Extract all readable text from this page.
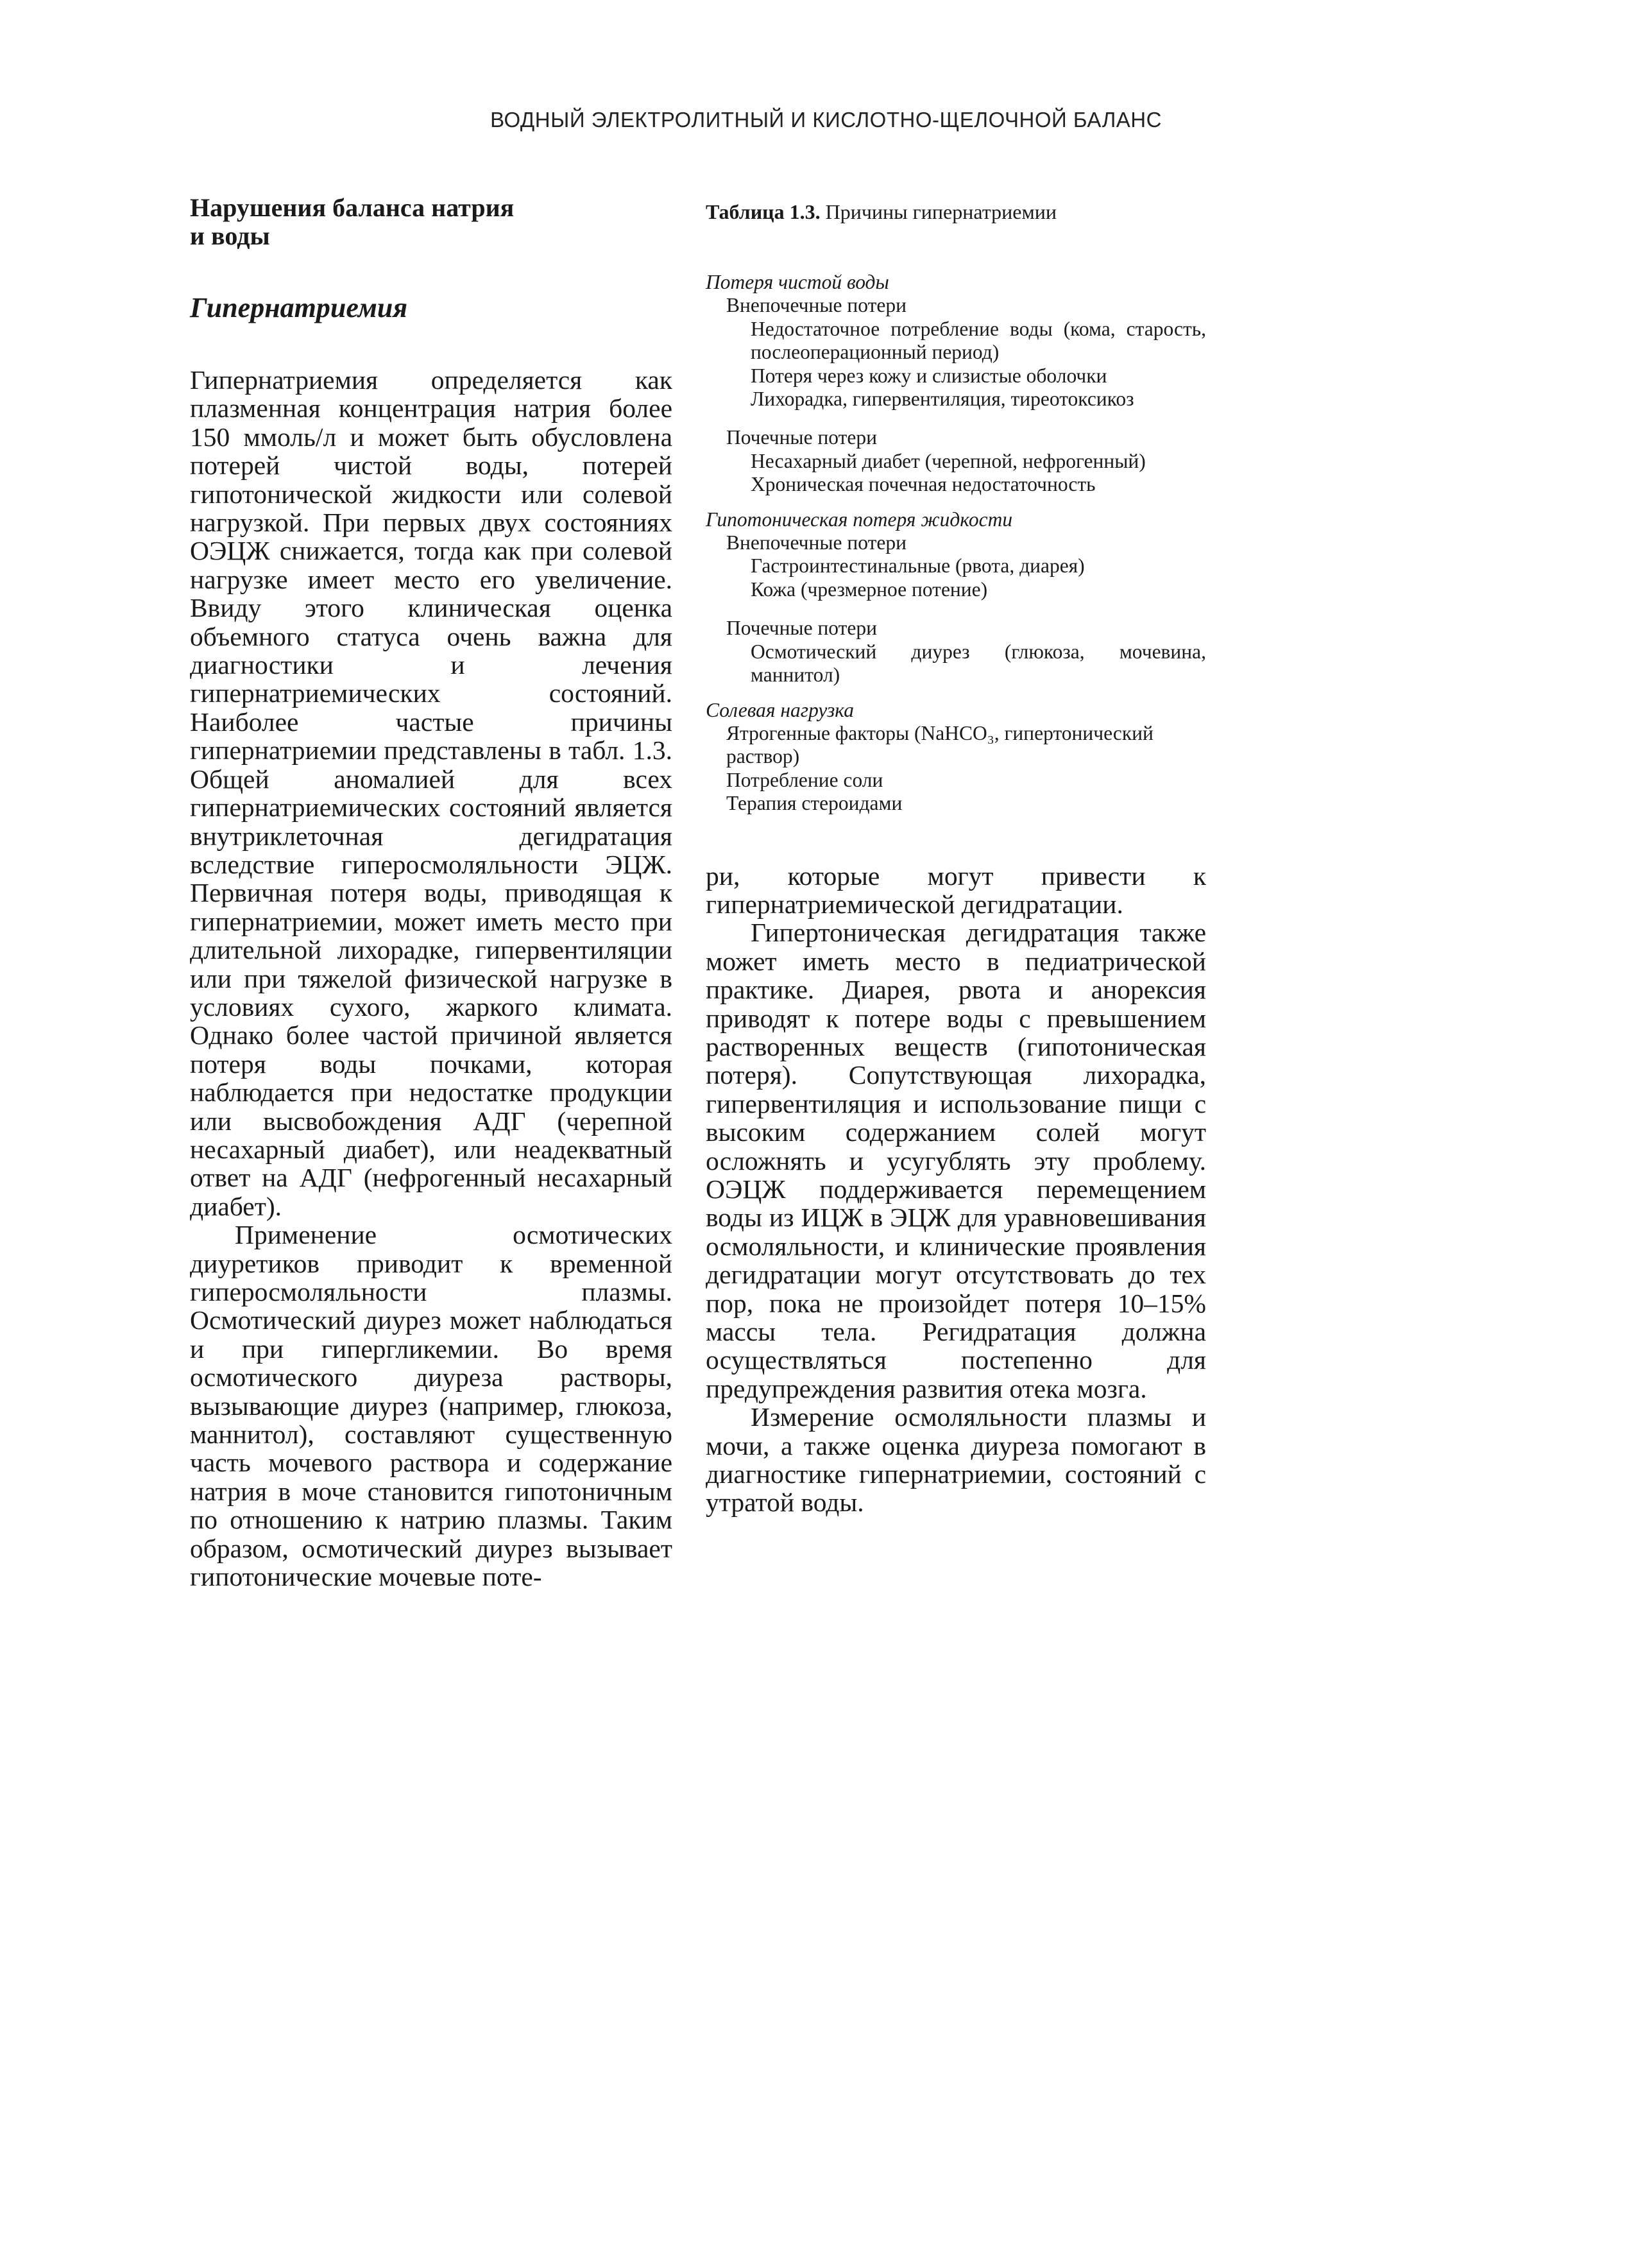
ВОДНЫЙ ЭЛЕКТРОЛИТНЫЙ И КИСЛОТНО-ЩЕЛОЧНОЙ БАЛАНС
Нарушения баланса натрия
и воды
Гипернатриемия

Гипернатриемия определяется как плазменная концентрация натрия более 150 ммоль/л и может быть обусловлена потерей чистой воды, потерей гипотонической жидкости или солевой нагрузкой. При первых двух состояниях ОЭЦЖ снижается, тогда как при солевой нагрузке имеет место его увеличение. Ввиду этого клиническая оценка объемного статуса очень важна для диагностики и лечения гипернатриемических состояний. Наиболее частые причины гипернатриемии представлены в табл. 1.3. Общей аномалией для всех гипернатриемических состояний является внутриклеточная дегидратация вследствие гиперосмоляльности ЭЦЖ. Первичная потеря воды, приводящая к гипернатриемии, может иметь место при длительной лихорадке, гипервентиляции или при тяжелой физической нагрузке в условиях сухого, жаркого климата. Однако более частой причиной является потеря воды почками, которая наблюдается при недостатке продукции или высвобождения АДГ (черепной несахарный диабет), или неадекватный ответ на АДГ (нефрогенный несахарный диабет).

Применение осмотических диуретиков приводит к временной гиперосмоляльности плазмы. Осмотический диурез может наблюдаться и при гипергликемии. Во время осмотического диуреза растворы, вызывающие диурез (например, глюкоза, маннитол), составляют существенную часть мочевого раствора и содержание натрия в моче становится гипотоничным по отношению к натрию плазмы. Таким образом, осмотический диурез вызывает гипотонические мочевые поте-

Таблица 1.3. Причины гипернатриемии

Потеря чистой воды

Внепочечные потери

Недостаточное потребление воды (кома, старость, послеоперационный период)

Потеря через кожу и слизистые оболочки

Лихорадка, гипервентиляция, тиреотоксикоз

Почечные потери

Несахарный диабет (черепной, нефрогенный)

Хроническая почечная недостаточность

Гипотоническая потеря жидкости

Внепочечные потери

Гастроинтестинальные (рвота, диарея)

Кожа (чрезмерное потение)

Почечные потери

Осмотический диурез (глюкоза, мочевина, маннитол)

Солевая нагрузка

Ятрогенные факторы (NaHCO₃, гипертонический раствор)

Потребление соли

Терапия стероидами

ри, которые могут привести к гипернатриемической дегидратации.

Гипертоническая дегидратация также может иметь место в педиатрической практике. Диарея, рвота и анорексия приводят к потере воды с превышением растворенных веществ (гипотоническая потеря). Сопутствующая лихорадка, гипервентиляция и использование пищи с высоким содержанием солей могут осложнять и усугублять эту проблему. ОЭЦЖ поддерживается перемещением воды из ИЦЖ в ЭЦЖ для уравновешивания осмоляльности, и клинические проявления дегидратации могут отсутствовать до тех пор, пока не произойдет потеря 10–15% массы тела. Регидратация должна осуществляться постепенно для предупреждения развития отека мозга.

Измерение осмоляльности плазмы и мочи, а также оценка диуреза помогают в диагностике гипернатриемии, состояний с утратой воды.
